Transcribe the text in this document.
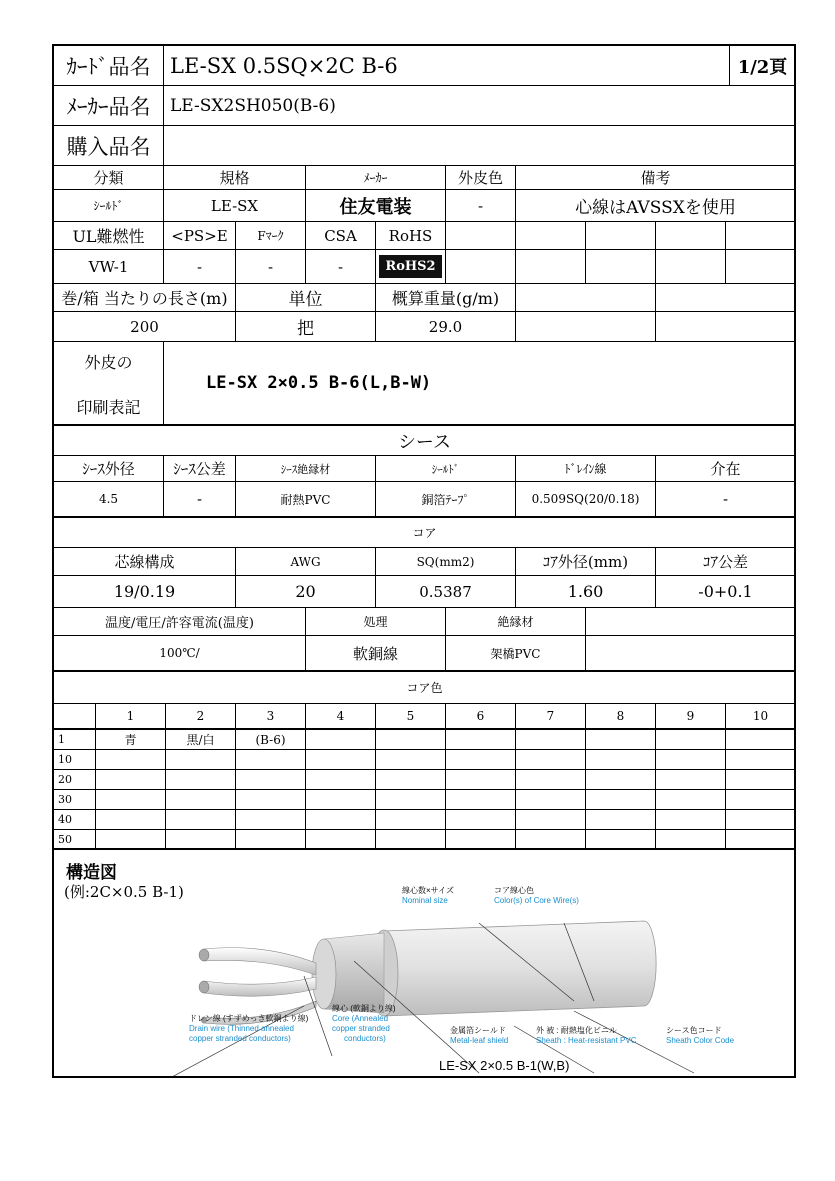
ｶｰﾄﾞ品名 LE-SX 0.5SQ×2C B-6	1/2頁
ﾒｰｶｰ品名	LE-SX2SH050(B-6)
購入品名
分類	規格	ﾒｰｶｰ	外皮色	備考
ｼｰﾙﾄﾞ	LE-SX	住友電装	-	心線はAVSSXを使用
UL難燃性	<PS>E	Fﾏｰｸ	CSA	RoHS
VW-1	-	-	-	RoHS2
巻/箱 当たりの長さ(m)	単位	概算重量(g/m)
200	把	29.0
外皮の
印刷表記
LE-SX 2×0.5 B-6(L,B-W)
シース
ｼｰｽ外径	ｼｰｽ公差	ｼｰｽ絶縁材	ｼｰﾙﾄﾞ	ﾄﾞﾚｲﾝ線	介在
4.5	-	耐熱PVC	銅箔ﾃｰﾌﾟ	0.509SQ(20/0.18)	-
コア
芯線構成	AWG	SQ(mm2)	ｺｱ外径(mm)	ｺｱ公差
19/0.19	20	0.5387	1.60	-0+0.1
温度/電圧/許容電流(温度)	処理	絶縁材
100℃/	軟銅線	架橋PVC
コア色
1	2	3	4	5	6	7	8	9	10
1	青	黒/白	(B-6)
10
20
30
40
50
構造図
(例:2C×0.5 B-1)
LE-SX 2×0.5 B-1(W,B)
線心数×サイズ
Nominal size
コア線心色
Color(s) of Core Wire(s)
ドレン線 (すずめっき軟銅より線)
Drain wire (Thinned annealed
copper stranded conductors)
線心 (軟銅より線)
Core (Annealed
copper stranded
conductors)
金属箔シールド
Metal-leaf shield
外 被 : 耐熱塩化ビニル
Sheath : Heat-resistant PVC
シース色コード
Sheath Color Code
